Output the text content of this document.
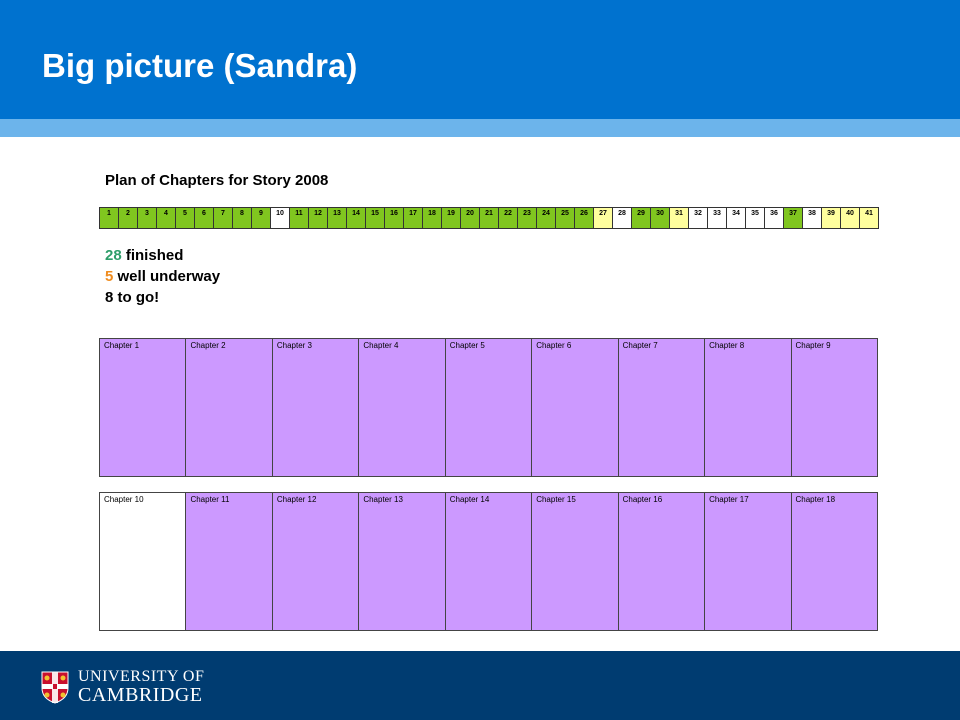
Big picture (Sandra)
Plan of Chapters for Story 2008
1	2	3	4	5	6	7	8	9	10	11	12	13	14	15	16	17	18	19	20	21	22	23	24	25	26	27	28	29	30	31	32	33	34	35	36	37	38	39	40	41
28 finished
5 well underway
8 to go!
Chapter 1	Chapter 2	Chapter 3	Chapter 4	Chapter 5	Chapter 6	Chapter 7	Chapter 8	Chapter 9
Chapter 10	Chapter 11	Chapter 12	Chapter 13	Chapter 14	Chapter 15	Chapter 16	Chapter 17	Chapter 18
UNIVERSITY OF
CAMBRIDGE
